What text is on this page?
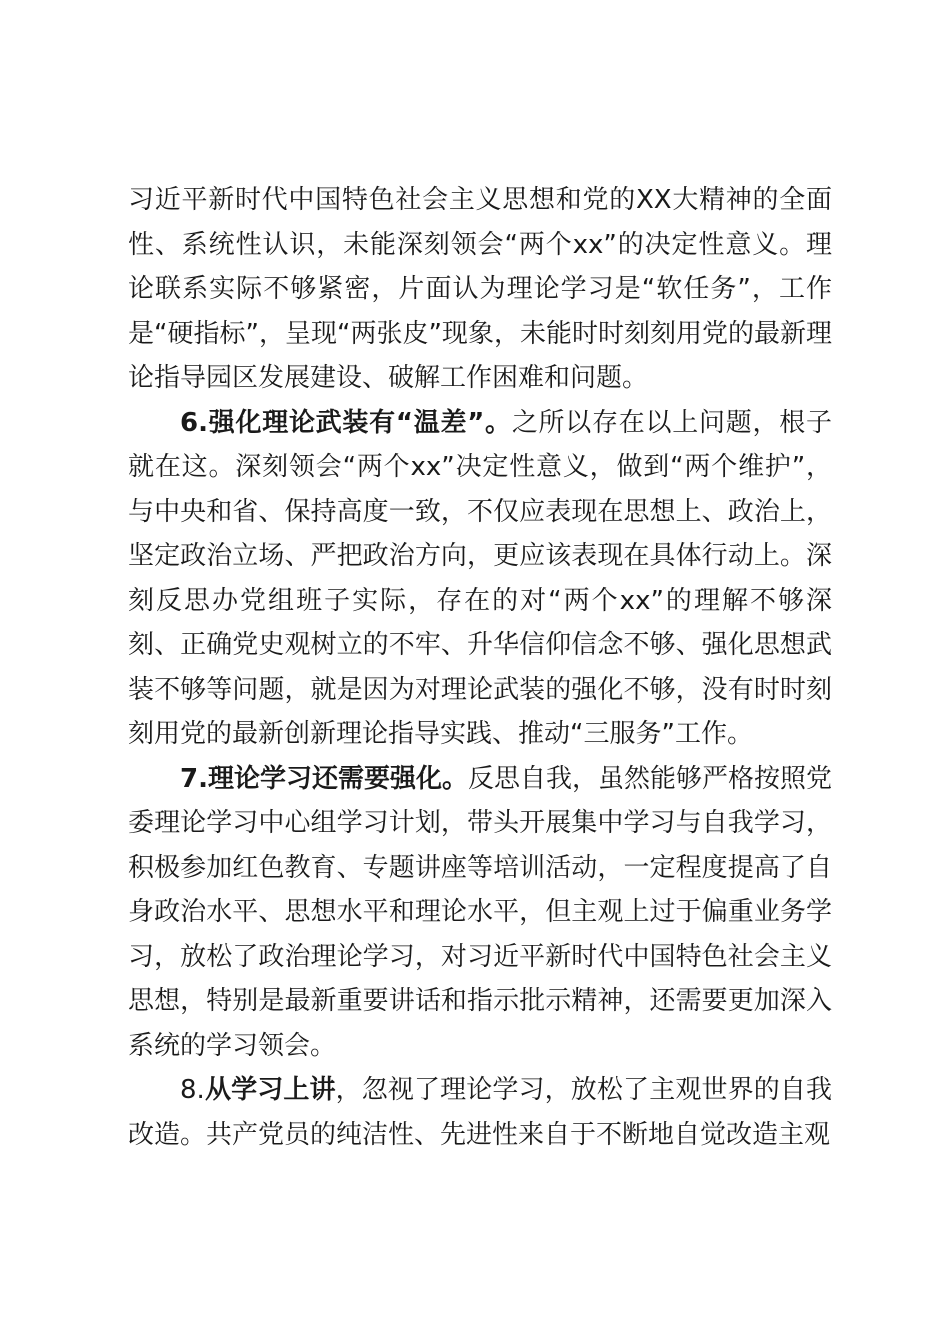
习近平新时代中国特色社会主义思想和党的XX大精神的全面性、系统性认识，未能深刻领会“两个xx”的决定性意义。理论联系实际不够紧密，片面认为理论学习是“软任务”，工作是“硬指标”，呈现“两张皮”现象，未能时时刻刻用党的最新理论指导园区发展建设、破解工作困难和问题。

6.强化理论武装有“温差”。之所以存在以上问题，根子就在这。深刻领会“两个xx”决定性意义，做到“两个维护”，与中央和省、保持高度一致，不仅应表现在思想上、政治上，坚定政治立场、严把政治方向，更应该表现在具体行动上。深刻反思办党组班子实际，存在的对“两个xx”的理解不够深刻、正确党史观树立的不牢、升华信仰信念不够、强化思想武装不够等问题，就是因为对理论武装的强化不够，没有时时刻刻用党的最新创新理论指导实践、推动“三服务”工作。

7.理论学习还需要强化。反思自我，虽然能够严格按照党委理论学习中心组学习计划，带头开展集中学习与自我学习，积极参加红色教育、专题讲座等培训活动，一定程度提高了自身政治水平、思想水平和理论水平，但主观上过于偏重业务学习，放松了政治理论学习，对习近平新时代中国特色社会主义思想，特别是最新重要讲话和指示批示精神，还需要更加深入系统的学习领会。

8.从学习上讲，忽视了理论学习，放松了主观世界的自我改造。共产党员的纯洁性、先进性来自于不断地自觉改造主观
